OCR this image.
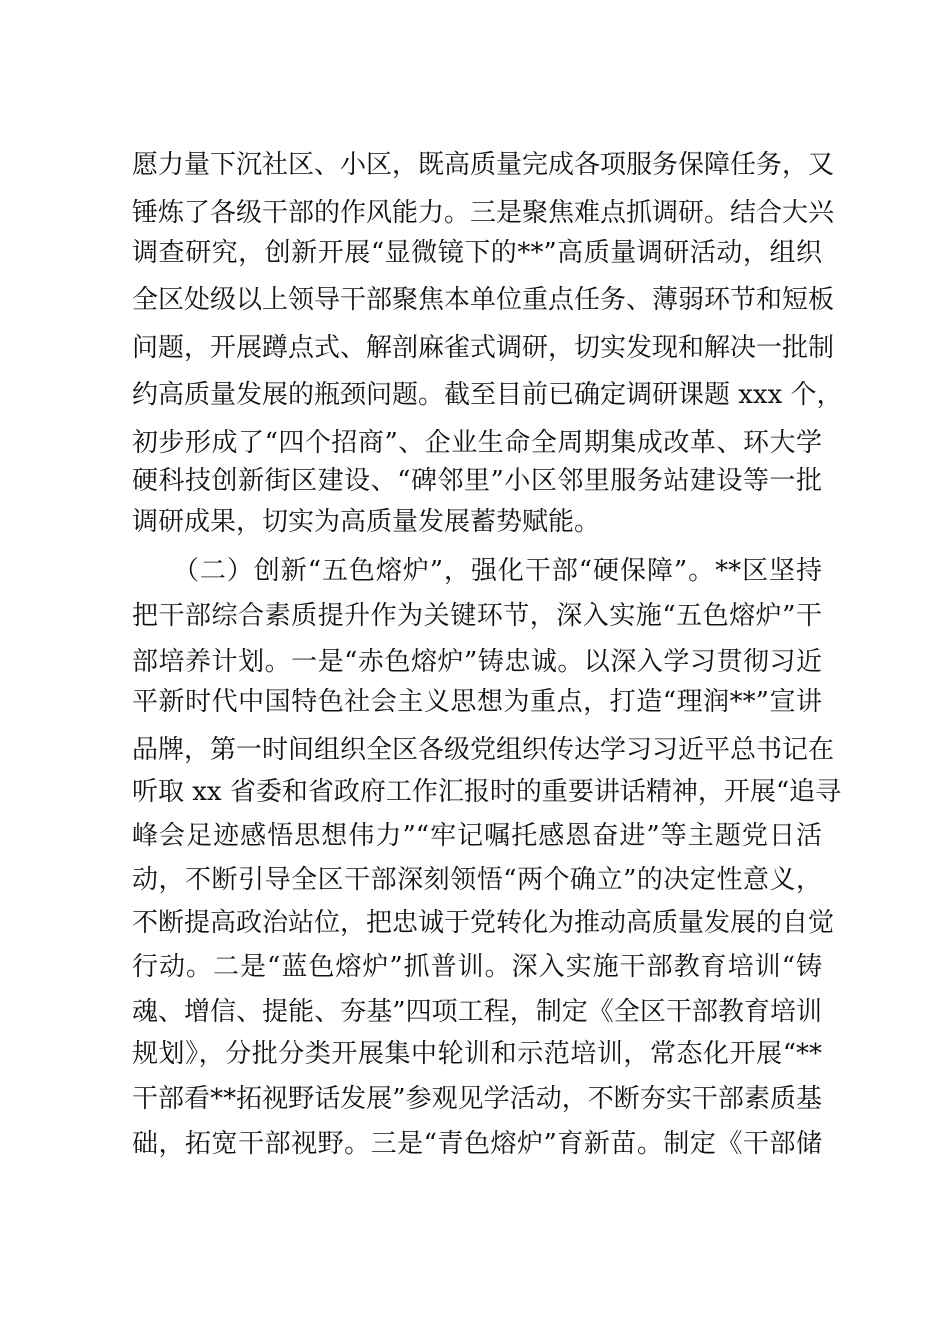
愿力量下沉社区、小区，既高质量完成各项服务保障任务，又
锤炼了各级干部的作风能力。三是聚焦难点抓调研。结合大兴
调查研究，创新开展“显微镜下的**”高质量调研活动，组织
全区处级以上领导干部聚焦本单位重点任务、薄弱环节和短板
问题，开展蹲点式、解剖麻雀式调研，切实发现和解决一批制
约高质量发展的瓶颈问题。截至目前已确定调研课题 xxx 个，
初步形成了“四个招商”、企业生命全周期集成改革、环大学
硬科技创新街区建设、“碑邻里”小区邻里服务站建设等一批
调研成果，切实为高质量发展蓄势赋能。
　　（二）创新“五色熔炉”，强化干部“硬保障”。**区坚持
把干部综合素质提升作为关键环节，深入实施“五色熔炉”干
部培养计划。一是“赤色熔炉”铸忠诚。以深入学习贯彻习近
平新时代中国特色社会主义思想为重点，打造“理润**”宣讲
品牌，第一时间组织全区各级党组织传达学习习近平总书记在
听取 xx 省委和省政府工作汇报时的重要讲话精神，开展“追寻
峰会足迹感悟思想伟力”“牢记嘱托感恩奋进”等主题党日活
动，不断引导全区干部深刻领悟“两个确立”的决定性意义，
不断提高政治站位，把忠诚于党转化为推动高质量发展的自觉
行动。二是“蓝色熔炉”抓普训。深入实施干部教育培训“铸
魂、增信、提能、夯基”四项工程，制定《全区干部教育培训
规划》，分批分类开展集中轮训和示范培训，常态化开展“**
干部看**拓视野话发展”参观见学活动，不断夯实干部素质基
础，拓宽干部视野。三是“青色熔炉”育新苗。制定《干部储
